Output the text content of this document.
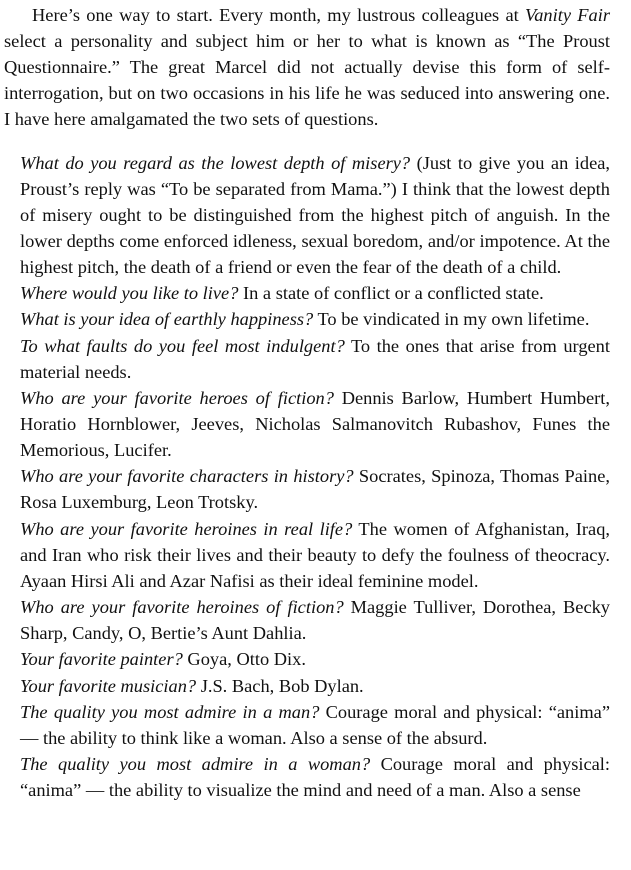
Here’s one way to start. Every month, my lustrous colleagues at Vanity Fair select a personality and subject him or her to what is known as “The Proust Questionnaire.” The great Marcel did not actually devise this form of self-interrogation, but on two occasions in his life he was seduced into answering one. I have here amalgamated the two sets of questions.

What do you regard as the lowest depth of misery? (Just to give you an idea, Proust’s reply was “To be separated from Mama.”) I think that the lowest depth of misery ought to be distinguished from the highest pitch of anguish. In the lower depths come enforced idleness, sexual boredom, and/or impotence. At the highest pitch, the death of a friend or even the fear of the death of a child.
Where would you like to live? In a state of conflict or a conflicted state.
What is your idea of earthly happiness? To be vindicated in my own lifetime.
To what faults do you feel most indulgent? To the ones that arise from urgent material needs.
Who are your favorite heroes of fiction? Dennis Barlow, Humbert Humbert, Horatio Hornblower, Jeeves, Nicholas Salmanovitch Rubashov, Funes the Memorious, Lucifer.
Who are your favorite characters in history? Socrates, Spinoza, Thomas Paine, Rosa Luxemburg, Leon Trotsky.
Who are your favorite heroines in real life? The women of Afghanistan, Iraq, and Iran who risk their lives and their beauty to defy the foulness of theocracy. Ayaan Hirsi Ali and Azar Nafisi as their ideal feminine model.
Who are your favorite heroines of fiction? Maggie Tulliver, Dorothea, Becky Sharp, Candy, O, Bertie’s Aunt Dahlia.
Your favorite painter? Goya, Otto Dix.
Your favorite musician? J.S. Bach, Bob Dylan.
The quality you most admire in a man? Courage moral and physical: “anima” — the ability to think like a woman. Also a sense of the absurd.
The quality you most admire in a woman? Courage moral and physical: “anima” — the ability to visualize the mind and need of a man. Also a sense
